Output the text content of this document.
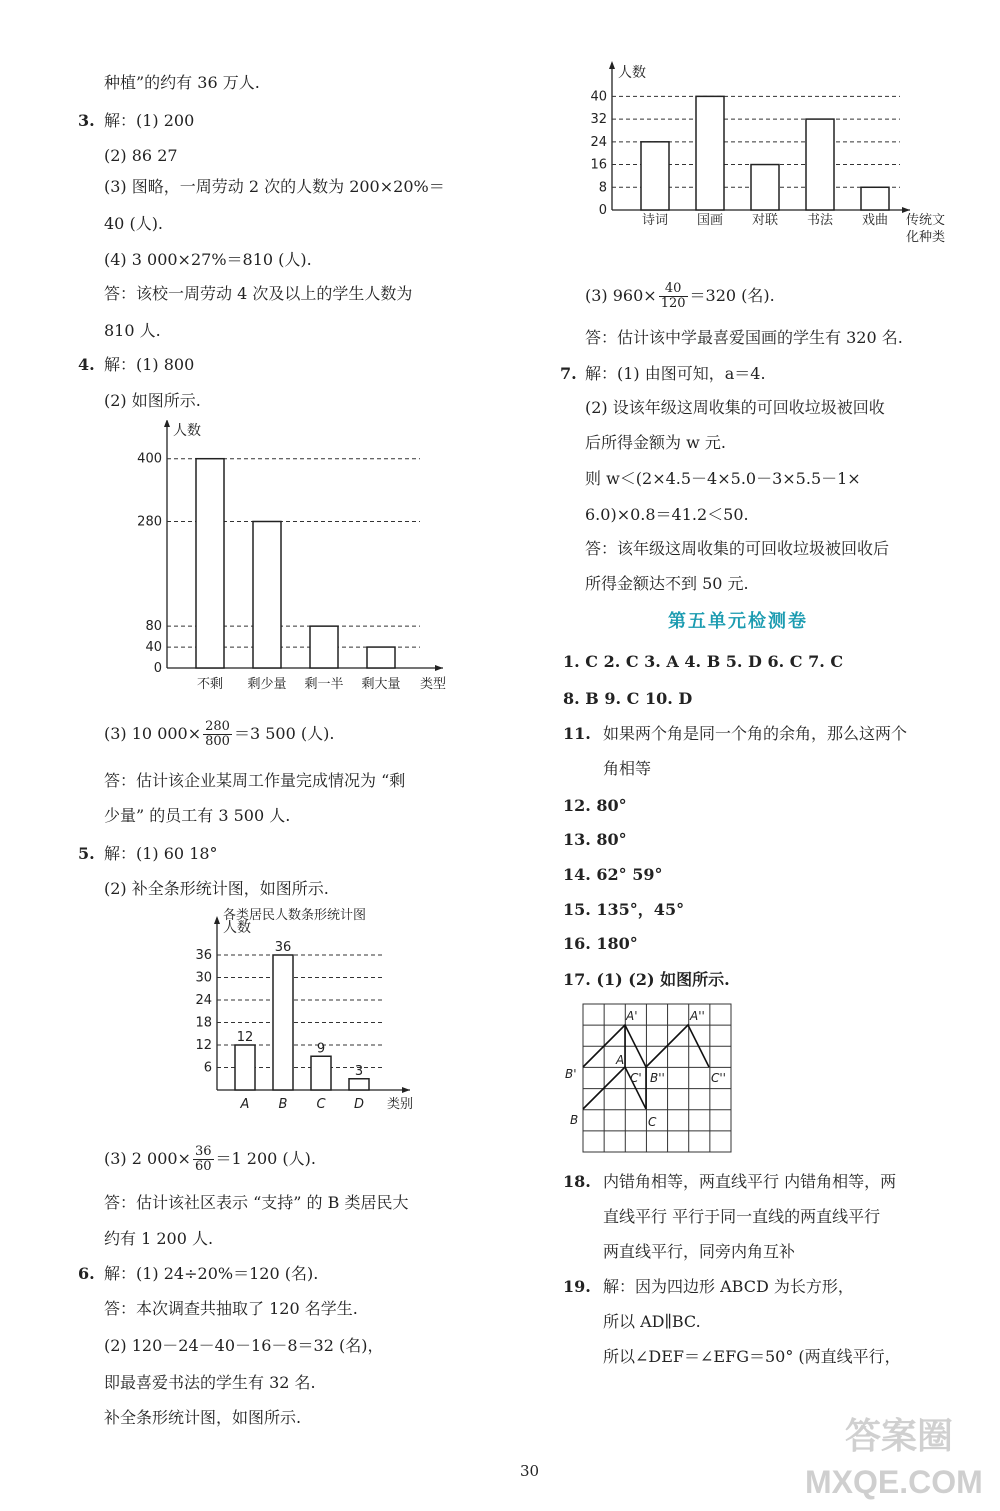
种植”的约有 36 万人.
3. 解：(1) 200
(2) 86 27
(3) 图略，一周劳动 2 次的人数为 200×20%＝
40 (人).
(4) 3 000×27%＝810 (人).
答：该校一周劳动 4 次及以上的学生人数为
810 人.
4. 解：(1) 800
(2) 如图所示.
0
40
80
280
400
不剩 剩少量 剩一半 剩大量
人数
类型
(3) 10 $000\times \frac{280}{800} =3$ 500 (人).
答：估计该企业某周工作量完成情况为 “剩
少量” 的员工有 3 500 人.
5. 解：(1) 60 18°
(2) 补全条形统计图，如图所示.
6
12
18
24
30
36
A
12
B
36
C
9
D
3
人数
类别
各类居民人数条形统计图
(3) 2 $000\times \frac{36}{60} =1$ 200 (人).
答：估计该社区表示 “支持” 的 B 类居民大
约有 1 200 人.
6. 解：(1) 24÷20%＝120 (名).
答：本次调查共抽取了 120 名学生.
(2) 120－24－40－16－8＝32 (名)，
即最喜爱书法的学生有 32 名.
补全条形统计图，如图所示.
0
8
16
24
32
40
诗词 国画 对联 书法 戏曲
人数
传统文
化种类
(3) $960\times \frac{40}{120} =320$ (名).
答：估计该中学最喜爱国画的学生有 320 名.
7. 解：(1) 由图可知，a＝4.
(2) 设该年级这周收集的可回收垃圾被回收
后所得金额为 w 元.
则 w＜(2×4.5－4×5.0－3×5.5－1×
6.0)×0.8＝41.2＜50.
答：该年级这周收集的可回收垃圾被回收后
所得金额达不到 50 元.
第五单元检测卷
1. C 2. C 3. A 4. B 5. D 6. C 7. C
8. B 9. C 10. D
11. 如果两个角是同一个角的余角，那么这两个
角相等
12. 80°
13. 80°
14. 62° 59°
15. 135°，45°
16. 180°
17. (1) (2) 如图所示.
A'	A''
A
B'	C' B''	C''
B	C
18. 内错角相等，两直线平行 内错角相等，两
直线平行 平行于同一直线的两直线平行
两直线平行，同旁内角互补
19. 解：因为四边形 ABCD 为长方形，
所以 AD∥BC.
所以∠DEF＝∠EFG＝50° (两直线平行，
30
答案圈
MXQE.COM
